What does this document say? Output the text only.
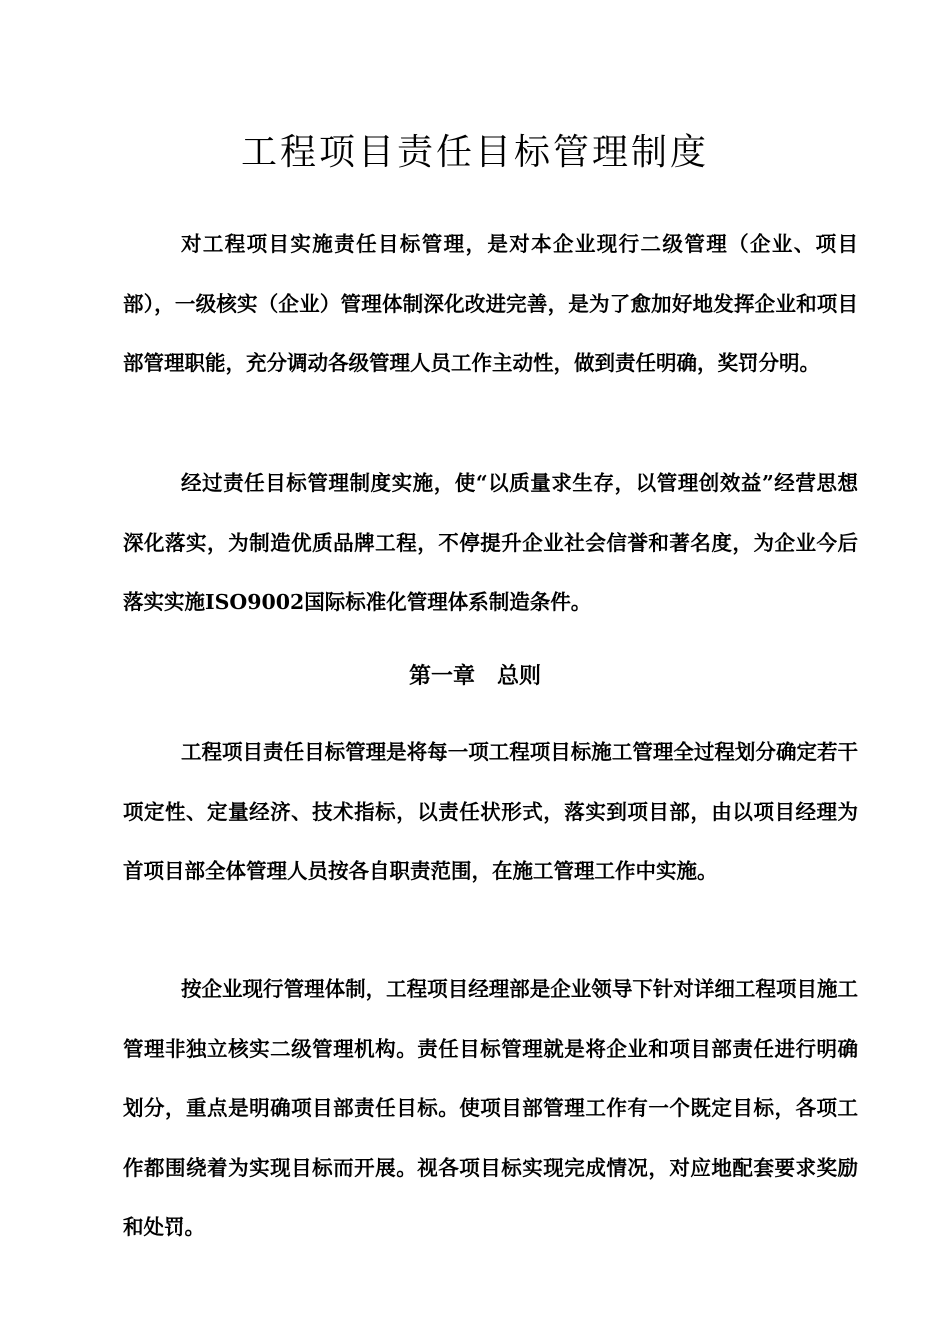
工程项目责任目标管理制度

对工程项目实施责任目标管理，是对本企业现行二级管理（企业、项目部），一级核实（企业）管理体制深化改进完善，是为了愈加好地发挥企业和项目部管理职能，充分调动各级管理人员工作主动性，做到责任明确，奖罚分明。

经过责任目标管理制度实施，使“以质量求生存，以管理创效益”经营思想深化落实，为制造优质品牌工程，不停提升企业社会信誉和著名度，为企业今后落实实施ISO9002国际标准化管理体系制造条件。

第一章 总则

工程项目责任目标管理是将每一项工程项目标施工管理全过程划分确定若干项定性、定量经济、技术指标，以责任状形式，落实到项目部，由以项目经理为首项目部全体管理人员按各自职责范围，在施工管理工作中实施。

按企业现行管理体制，工程项目经理部是企业领导下针对详细工程项目施工管理非独立核实二级管理机构。责任目标管理就是将企业和项目部责任进行明确划分，重点是明确项目部责任目标。使项目部管理工作有一个既定目标，各项工作都围绕着为实现目标而开展。视各项目标实现完成情况，对应地配套要求奖励和处罚。
